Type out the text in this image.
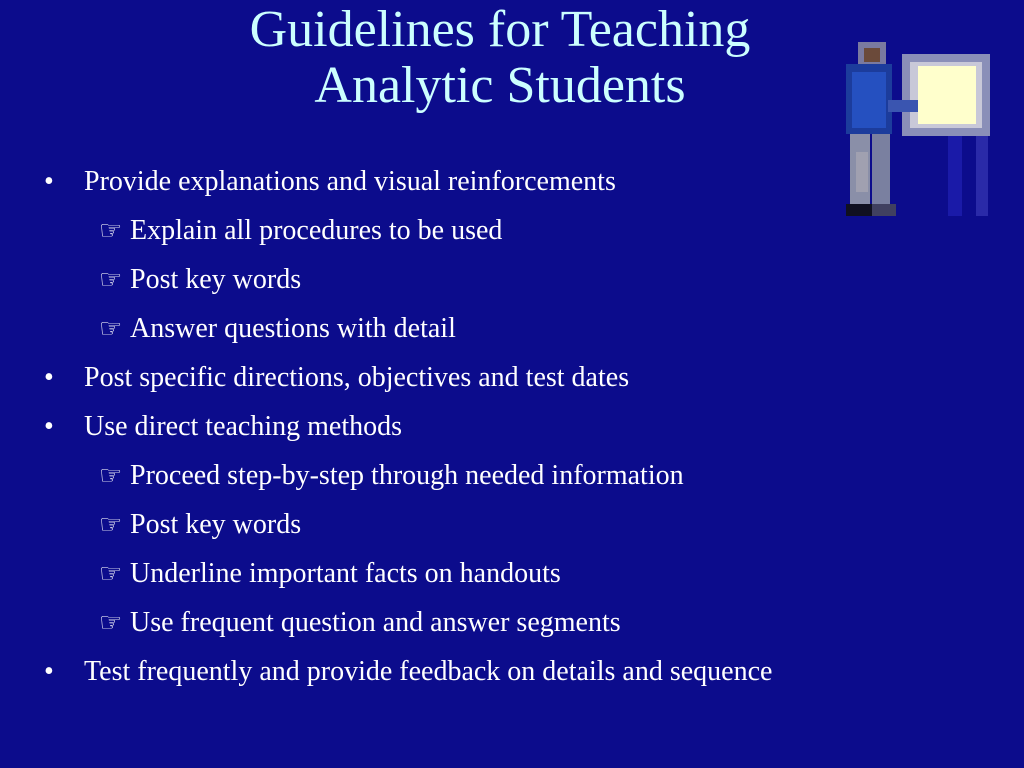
Guidelines for Teaching
Analytic Students
•	Provide explanations and visual reinforcements
☞ Explain all procedures to be used
☞ Post key words
☞ Answer questions with detail
•	Post specific directions, objectives and test dates
•	Use direct teaching methods
☞ Proceed step-by-step through needed information
☞ Post key words
☞ Underline important facts on handouts
☞ Use frequent question and answer segments
•	Test frequently and provide feedback on details and sequence
